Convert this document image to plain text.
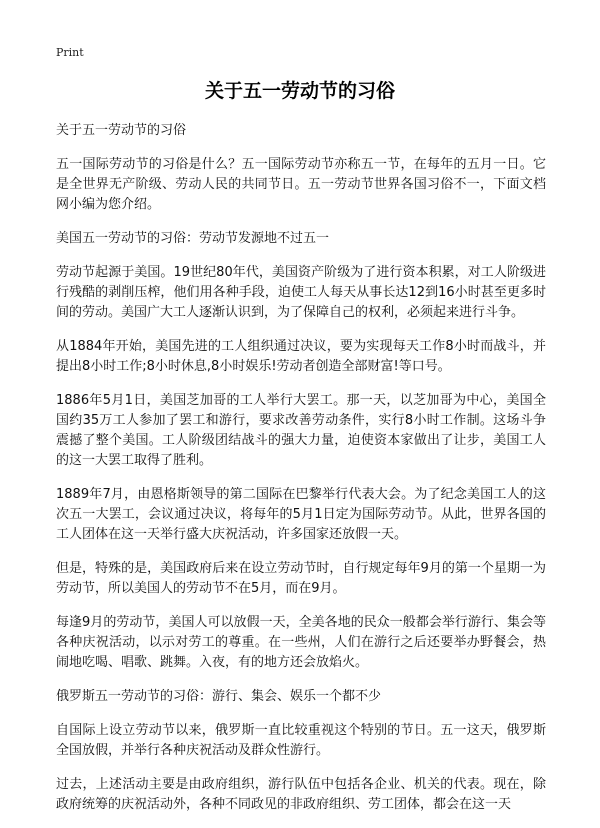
Print
关于五一劳动节的习俗

关于五一劳动节的习俗

五一国际劳动节的习俗是什么？五一国际劳动节亦称五一节，在每年的五月一日。它是全世界无产阶级、劳动人民的共同节日。五一劳动节世界各国习俗不一，下面文档网小编为您介绍。

美国五一劳动节的习俗：劳动节发源地不过五一

劳动节起源于美国。19世纪80年代，美国资产阶级为了进行资本积累，对工人阶级进行残酷的剥削压榨，他们用各种手段，迫使工人每天从事长达12到16小时甚至更多时间的劳动。美国广大工人逐渐认识到，为了保障自己的权利，必须起来进行斗争。

从1884年开始，美国先进的工人组织通过决议，要为实现每天工作8小时而战斗，并提出8小时工作;8小时休息,8小时娱乐!劳动者创造全部财富!等口号。

1886年5月1日，美国芝加哥的工人举行大罢工。那一天，以芝加哥为中心，美国全国约35万工人参加了罢工和游行，要求改善劳动条件，实行8小时工作制。这场斗争震撼了整个美国。工人阶级团结战斗的强大力量，迫使资本家做出了让步，美国工人的这一大罢工取得了胜利。

1889年7月，由恩格斯领导的第二国际在巴黎举行代表大会。为了纪念美国工人的这次五一大罢工，会议通过决议，将每年的5月1日定为国际劳动节。从此，世界各国的工人团体在这一天举行盛大庆祝活动，许多国家还放假一天。

但是，特殊的是，美国政府后来在设立劳动节时，自行规定每年9月的第一个星期一为劳动节，所以美国人的劳动节不在5月，而在9月。

每逢9月的劳动节，美国人可以放假一天，全美各地的民众一般都会举行游行、集会等各种庆祝活动，以示对劳工的尊重。在一些州，人们在游行之后还要举办野餐会，热闹地吃喝、唱歌、跳舞。入夜，有的地方还会放焰火。

俄罗斯五一劳动节的习俗：游行、集会、娱乐一个都不少

自国际上设立劳动节以来，俄罗斯一直比较重视这个特别的节日。五一这天，俄罗斯全国放假，并举行各种庆祝活动及群众性游行。

过去，上述活动主要是由政府组织，游行队伍中包括各企业、机关的代表。现在，除政府统筹的庆祝活动外，各种不同政见的非政府组织、劳工团体，都会在这一天
